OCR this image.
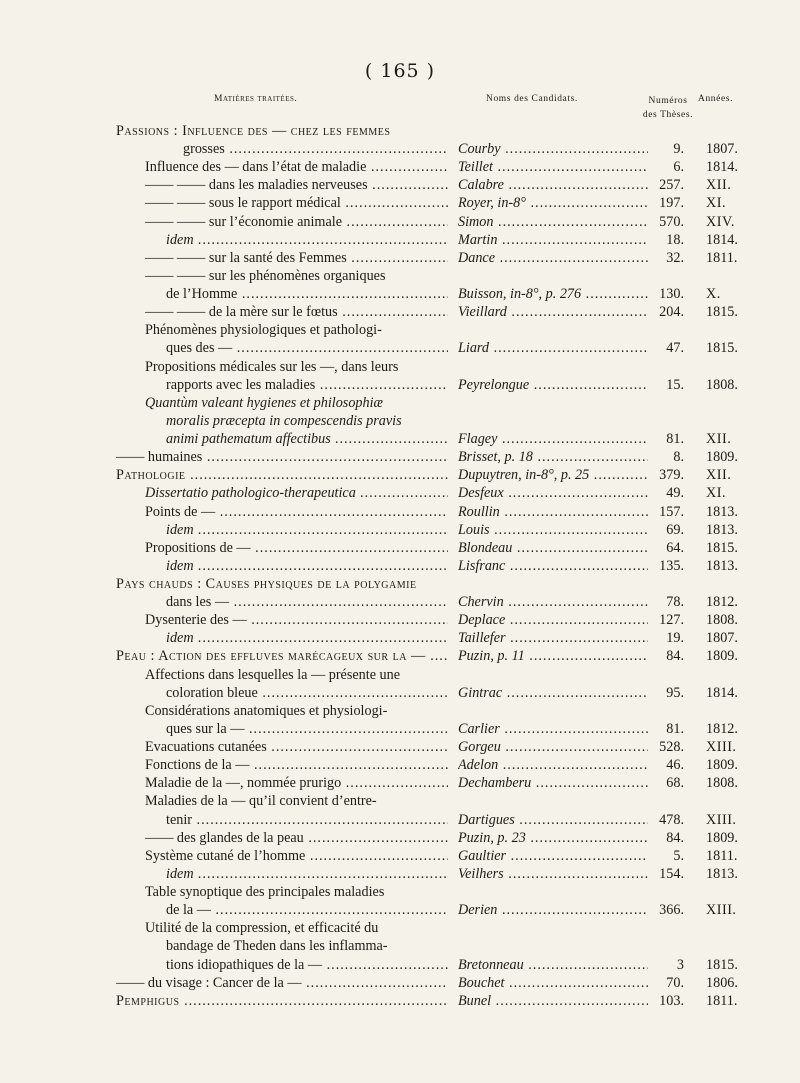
( 165 )
Matières traitées.	Noms des Candidats.	Numéros
des Thèses.
Années.
Passions : Influence des — chez les femmes
grosses .....	Courby .....	9. 1807.
Influence des — dans l’état de maladie .....	Teillet .....	6. 1814.
—— —— dans les maladies nerveuses .....	Calabre .....	257. XII.
—— —— sous le rapport médical .....	Royer, in-8° .....	197. XI.
—— —— sur l’économie animale .....	Simon .....	570. XIV.
idem .....	Martin .....	18. 1814.
—— —— sur la santé des Femmes .....	Dance .....	32. 1811.
—— —— sur les phénomènes organiques
de l’Homme .....	Buisson, in-8°, p. 276 .....	130. X.
—— —— de la mère sur le fœtus .....	Vieillard .....	204. 1815.
Phénomènes physiologiques et pathologi-
ques des — .....	Liard .....	47. 1815.
Propositions médicales sur les —, dans leurs
rapports avec les maladies .....	Peyrelongue .....	15. 1808.
Quantùm valeant hygienes et philosophiæ
moralis præcepta in compescendis pravis
animi pathematum affectibus .....	Flagey .....	81. XII.
—— humaines .....	Brisset, p. 18 .....	8. 1809.
Pathologie .....	Dupuytren, in-8°, p. 25 .....	379. XII.
Dissertatio pathologico-therapeutica .....	Desfeux .....	49. XI.
Points de — .....	Roullin .....	157. 1813.
idem .....	Louis .....	69. 1813.
Propositions de — .....	Blondeau .....	64. 1815.
idem .....	Lisfranc .....	135. 1813.
Pays chauds : Causes physiques de la polygamie
dans les — .....	Chervin .....	78. 1812.
Dysenterie des — .....	Deplace .....	127. 1808.
idem .....	Taillefer .....	19. 1807.
Peau : Action des effluves marécageux sur la — .....	Puzin, p. 11 .....	84. 1809.
Affections dans lesquelles la — présente une
coloration bleue .....	Gintrac .....	95. 1814.
Considérations anatomiques et physiologi-
ques sur la — .....	Carlier .....	81. 1812.
Evacuations cutanées .....	Gorgeu .....	528. XIII.
Fonctions de la — .....	Adelon .....	46. 1809.
Maladie de la —, nommée prurigo .....	Dechamberu .....	68. 1808.
Maladies de la — qu’il convient d’entre-
tenir .....	Dartigues .....	478. XIII.
—— des glandes de la peau .....	Puzin, p. 23 .....	84. 1809.
Système cutané de l’homme .....	Gaultier .....	5. 1811.
idem .....	Veilhers .....	154. 1813.
Table synoptique des principales maladies
de la — .....	Derien .....	366. XIII.
Utilité de la compression, et efficacité du
bandage de Theden dans les inflamma-
tions idiopathiques de la — .....	Bretonneau .....	3 1815.
—— du visage : Cancer de la — .....	Bouchet .....	70. 1806.
Pemphigus .....	Bunel .....	103. 1811.
